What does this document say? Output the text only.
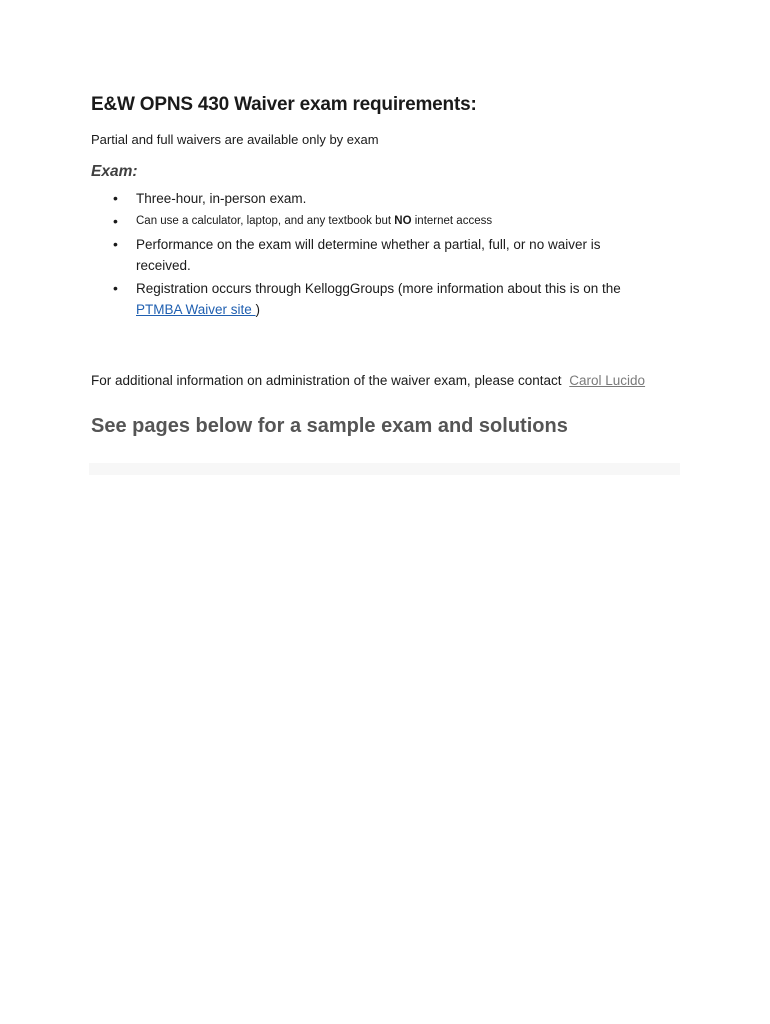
E&W OPNS 430 Waiver exam requirements:

Partial and full waivers are available only by exam

Exam:
• Three-hour, in-person exam.
• Can use a calculator, laptop, and any textbook but NO internet access
• Performance on the exam will determine whether a partial, full, or no waiver is received.
• Registration occurs through KelloggGroups (more information about this is on the PTMBA Waiver site )

For additional information on administration of the waiver exam, please contact Carol Lucido

See pages below for a sample exam and solutions
